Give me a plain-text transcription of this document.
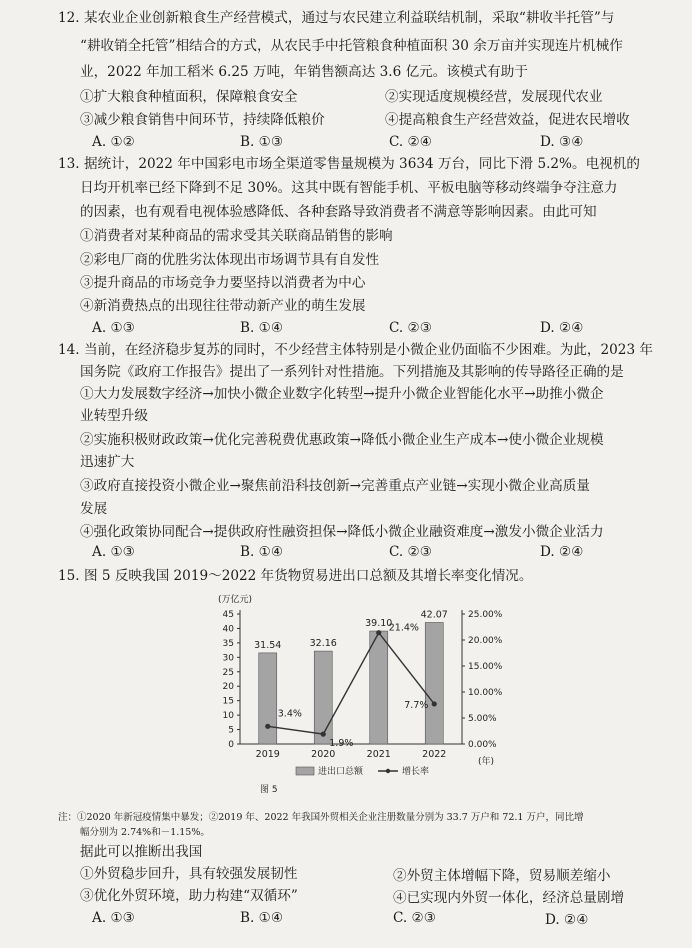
12. 某农业企业创新粮食生产经营模式，通过与农民建立利益联结机制，采取“耕收半托管”与
“耕收销全托管”相结合的方式，从农民手中托管粮食种植面积 30 余万亩并实现连片机械作
业，2022 年加工稻米 6.25 万吨，年销售额高达 3.6 亿元。该模式有助于
①扩大粮食种植面积，保障粮食安全	②实现适度规模经营，发展现代农业
③减少粮食销售中间环节，持续降低粮价	④提高粮食生产经营效益，促进农民增收
A. ①②	B. ①③	C. ②④	D. ③④
13. 据统计，2022 年中国彩电市场全渠道零售量规模为 3634 万台，同比下滑 5.2%。电视机的
日均开机率已经下降到不足 30%。这其中既有智能手机、平板电脑等移动终端争夺注意力
的因素，也有观看电视体验感降低、各种套路导致消费者不满意等影响因素。由此可知
①消费者对某种商品的需求受其关联商品销售的影响
②彩电厂商的优胜劣汰体现出市场调节具有自发性
③提升商品的市场竞争力要坚持以消费者为中心
④新消费热点的出现往往带动新产业的萌生发展
A. ①③	B. ①④	C. ②③	D. ②④
14. 当前，在经济稳步复苏的同时，不少经营主体特别是小微企业仍面临不少困难。为此，2023 年
国务院《政府工作报告》提出了一系列针对性措施。下列措施及其影响的传导路径正确的是
①大力发展数字经济→加快小微企业数字化转型→提升小微企业智能化水平→助推小微企
业转型升级
②实施积极财政政策→优化完善税费优惠政策→降低小微企业生产成本→使小微企业规模
迅速扩大
③政府直接投资小微企业→聚焦前沿科技创新→完善重点产业链→实现小微企业高质量
发展
④强化政策协同配合→提供政府性融资担保→降低小微企业融资难度→激发小微企业活力
A. ①③	B. ①④	C. ②③	D. ②④
15. 图 5 反映我国 2019～2022 年货物贸易进出口总额及其增长率变化情况。
(万亿元)
(年)
0
5
10
15
20
25
30
35
40
45
0.00%
5.00%
10.00%
15.00%
20.00%
25.00%
31.54
2019
32.16
2020
39.10
2021
42.07
2022
3.4%
1.9%
21.4%
7.7%
进出口总额	增长率
图 5
注：①2020 年新冠疫情集中暴发；②2019 年、2022 年我国外贸相关企业注册数量分别为 33.7 万户和 72.1 万户，同比增
幅分别为 2.74%和－1.15%。
据此可以推断出我国
①外贸稳步回升，具有较强发展韧性	②外贸主体增幅下降，贸易顺差缩小
③优化外贸环境，助力构建“双循环”	④已实现内外贸一体化，经济总量剧增
A. ①③	B. ①④	C. ②③	D. ②④
